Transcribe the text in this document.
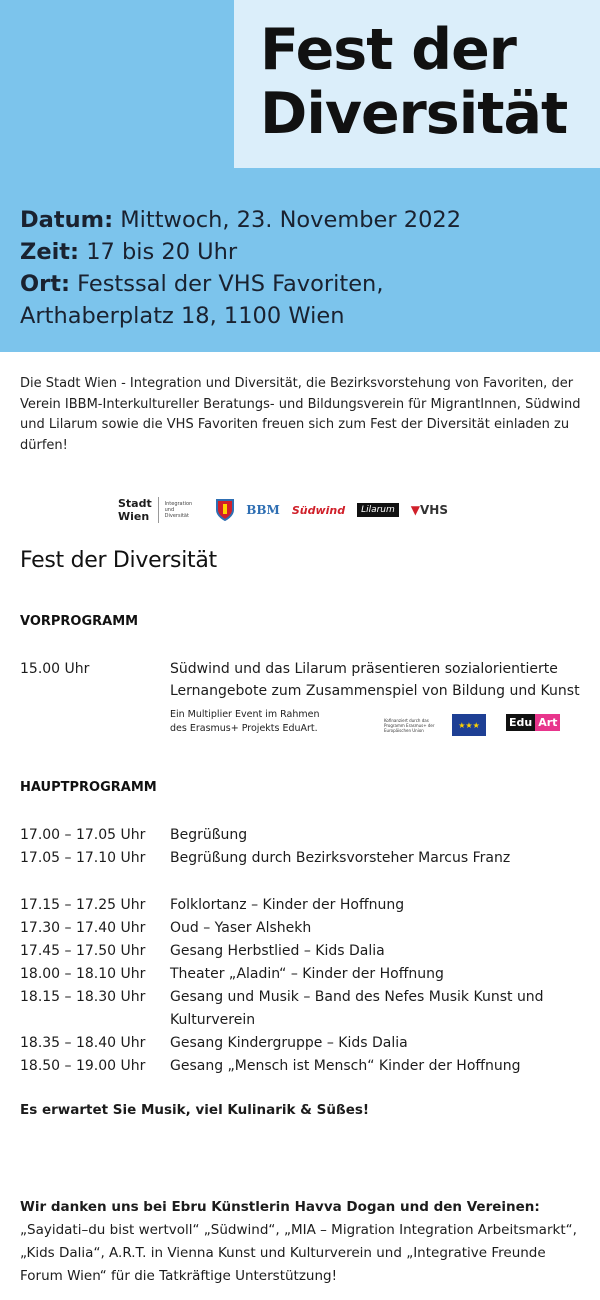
Fest der
Diversität
Datum: Mittwoch, 23. November 2022
Zeit: 17 bis 20 Uhr
Ort: Festssal der VHS Favoriten,
Arthaberplatz 18, 1100 Wien

Die Stadt Wien - Integration und Diversität, die Bezirksvorstehung von Favoriten, der Verein IBBM-Interkultureller Beratungs- und Bildungsverein für MigrantInnen, Südwind und Lilarum sowie die VHS Favoriten freuen sich zum Fest der Diversität einladen zu dürfen!

Stadt
Wien
Integration
und Diversität	BBM Südwind	Lilarum	▼ VHS
Fest der Diversität
VORPROGRAMM
15.00 Uhr	Südwind und das Lilarum präsentieren sozialorientierte
Lernangebote zum Zusammenspiel von Bildung und Kunst
Ein Multiplier Event im Rahmen
des Erasmus+ Projekts EduArt.
Kofinanziert durch das Programm Erasmus+ der Europäischen Union
★★★	Edu Art
HAUPTPROGRAMM
17.00 – 17.05 Uhr Begrüßung
17.05 – 17.10 Uhr Begrüßung durch Bezirksvorsteher Marcus Franz
17.15 – 17.25 Uhr Folklortanz – Kinder der Hoffnung
17.30 – 17.40 Uhr Oud – Yaser Alshekh
17.45 – 17.50 Uhr Gesang Herbstlied – Kids Dalia
18.00 – 18.10 Uhr Theater „Aladin“ – Kinder der Hoffnung
18.15 – 18.30 Uhr Gesang und Musik – Band des Nefes Musik Kunst und Kulturverein
18.35 – 18.40 Uhr Gesang Kindergruppe – Kids Dalia
18.50 – 19.00 Uhr Gesang „Mensch ist Mensch“ Kinder der Hoffnung

Es erwartet Sie Musik, viel Kulinarik & Süßes!

Wir danken uns bei Ebru Künstlerin Havva Dogan und den Vereinen: „Sayidati–du bist wertvoll“ „Südwind“, „MIA – Migration Integration Arbeitsmarkt“, „Kids Dalia“, A.R.T. in Vienna Kunst und Kulturverein und „Integrative Freunde Forum Wien“ für die Tatkräftige Unterstützung!
